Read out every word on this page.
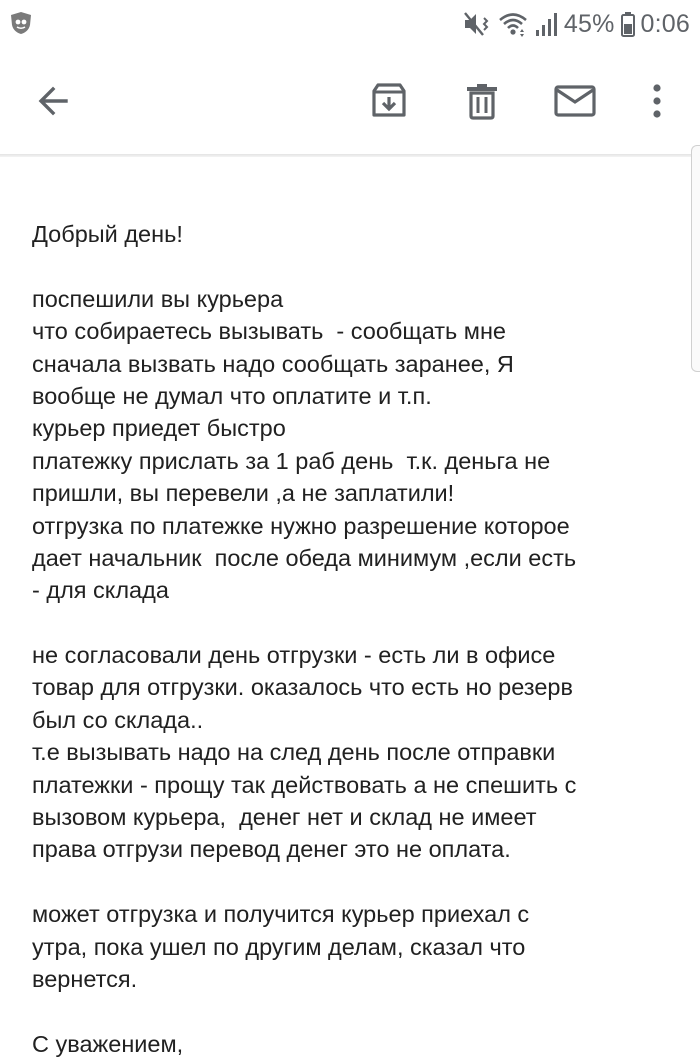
45% 0:06
Добрый день!
поспешили вы курьера
что собираетесь вызывать  - сообщать мне
сначала вызвать надо сообщать заранее, Я
вообще не думал что оплатите и т.п.
курьер приедет быстро
платежку прислать за 1 раб день  т.к. деньга не
пришли, вы перевели ,а не заплатили!
отгрузка по платежке нужно разрешение которое
дает начальник  после обеда минимум ,если есть
- для склада
не согласовали день отгрузки - есть ли в офисе
товар для отгрузки. оказалось что есть но резерв
был со склада..
т.е вызывать надо на след день после отправки
платежки - прощу так действовать а не спешить с
вызовом курьера,  денег нет и склад не имеет
права отгрузи перевод денег это не оплата.
может отгрузка и получится курьер приехал с
утра, пока ушел по другим делам, сказал что
вернется.
С уважением,
